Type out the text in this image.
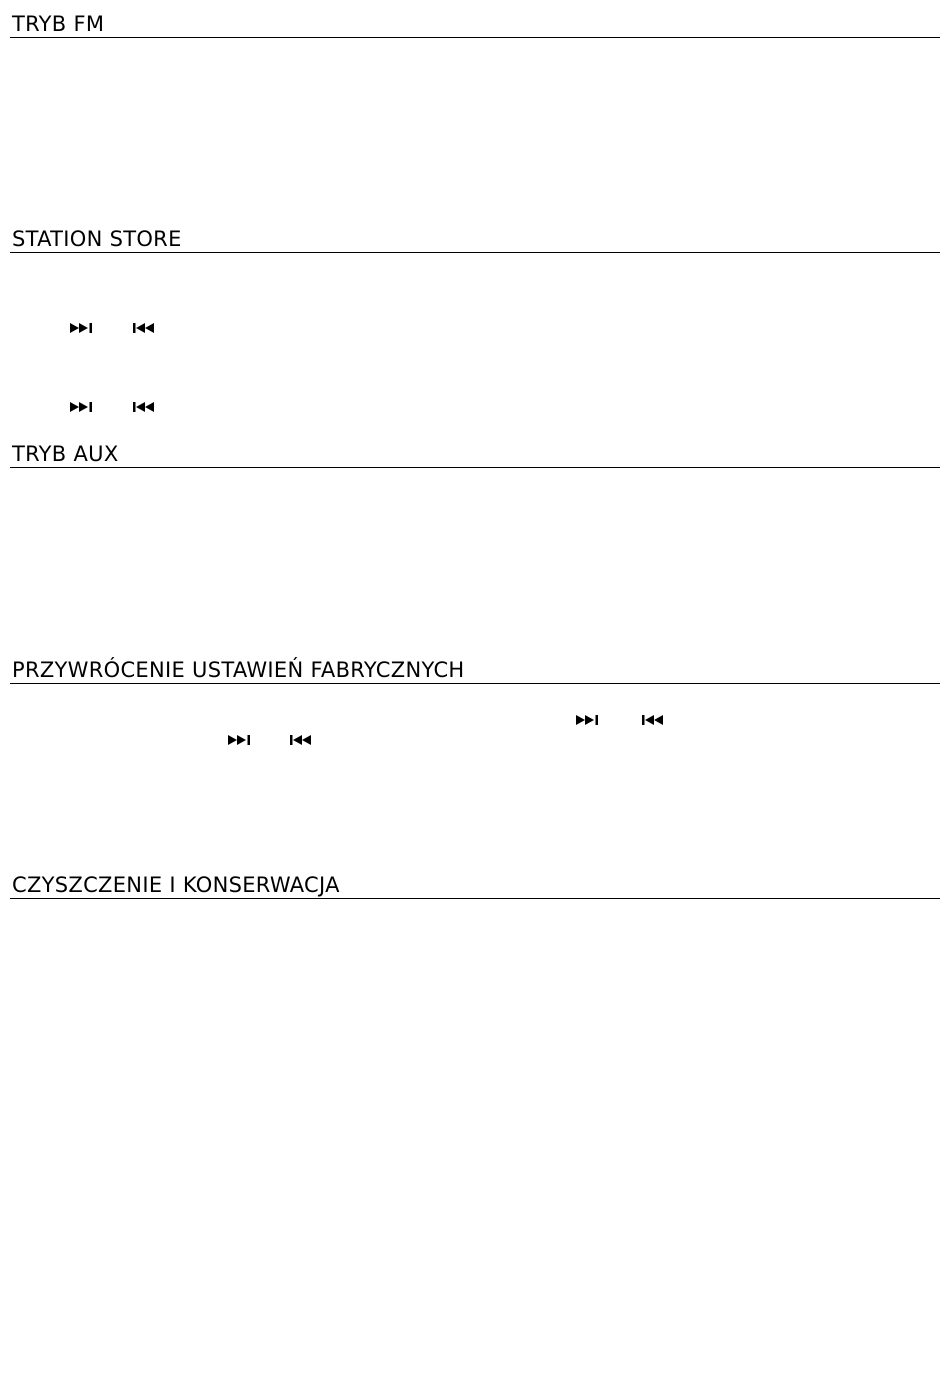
TRYB FM
STATION STORE
TRYB AUX
PRZYWRÓCENIE USTAWIEŃ FABRYCZNYCH
CZYSZCZENIE I KONSERWACJA
